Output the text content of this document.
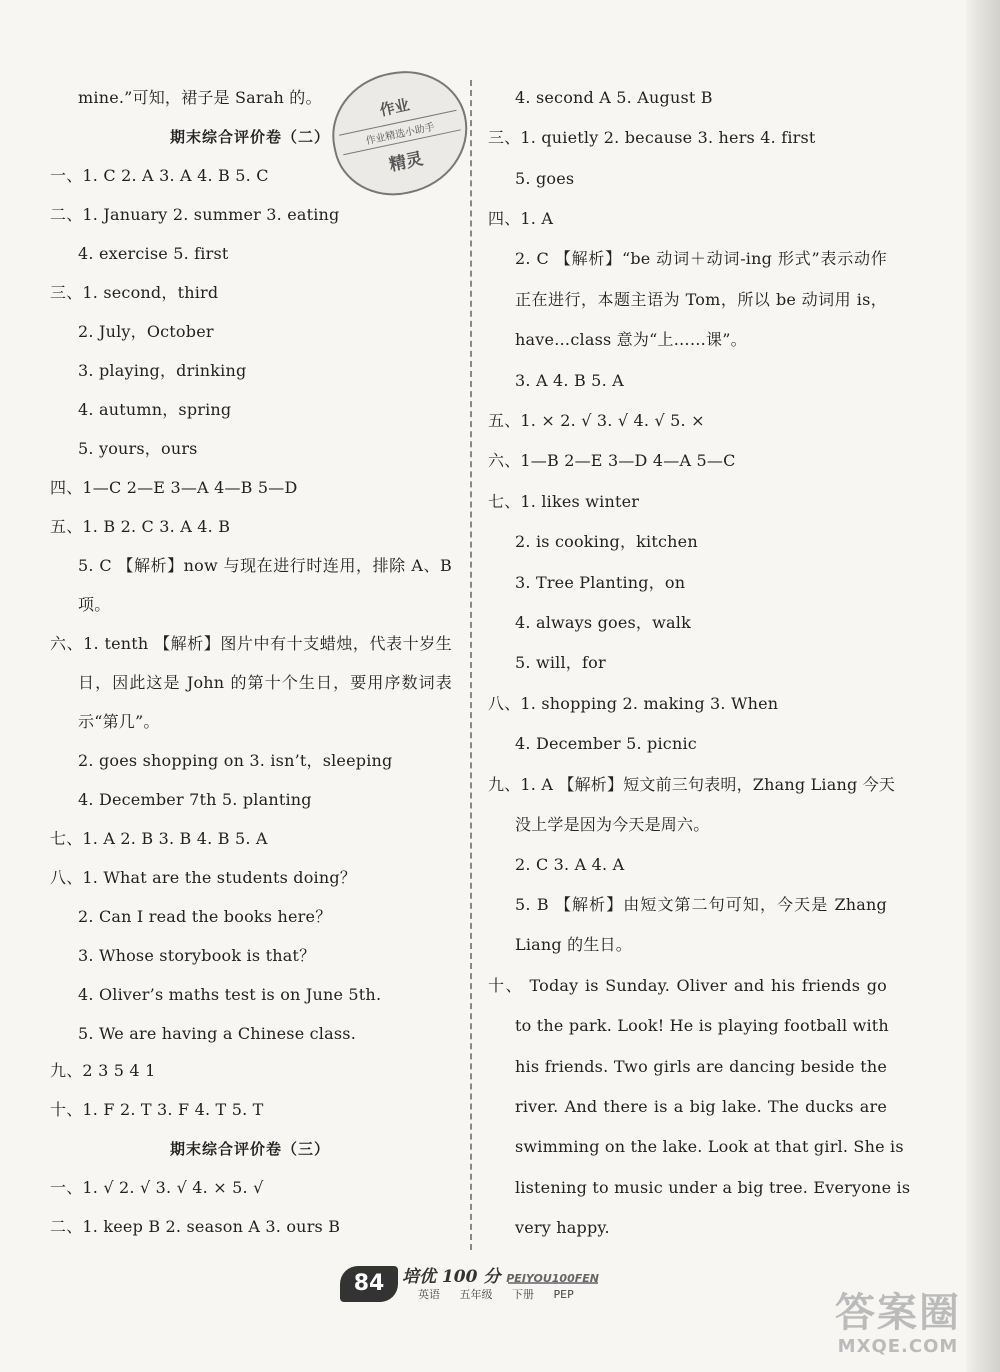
mine.”可知，裙子是 Sarah 的。
期末综合评价卷（二）
一、1. C 2. A 3. A 4. B 5. C
二、1. January 2. summer 3. eating
4. exercise 5. first
三、1. second，third
2. July，October
3. playing，drinking
4. autumn，spring
5. yours，ours
四、1—C 2—E 3—A 4—B 5—D
五、1. B 2. C 3. A 4. B
5. C 【解析】now 与现在进行时连用，排除 A、B
项。
六、1. tenth 【解析】图片中有十支蜡烛，代表十岁生
日，因此这是 John 的第十个生日，要用序数词表
示“第几”。
2. goes shopping on 3. isn’t，sleeping
4. December 7th 5. planting
七、1. A 2. B 3. B 4. B 5. A
八、1. What are the students doing？
2. Can I read the books here？
3. Whose storybook is that？
4. Oliver’s maths test is on June 5th.
5. We are having a Chinese class.
九、2 3 5 4 1
十、1. F 2. T 3. F 4. T 5. T
期末综合评价卷（三）
一、1. √ 2. √ 3. √ 4. × 5. √
二、1. keep B 2. season A 3. ours B
4. second A 5. August B
三、1. quietly 2. because 3. hers 4. first
5. goes
四、1. A
2. C 【解析】“be 动词＋动词-ing 形式”表示动作
正在进行，本题主语为 Tom，所以 be 动词用 is，
have…class 意为“上……课”。
3. A 4. B 5. A
五、1. × 2. √ 3. √ 4. √ 5. ×
六、1—B 2—E 3—D 4—A 5—C
七、1. likes winter
2. is cooking，kitchen
3. Tree Planting，on
4. always goes，walk
5. will，for
八、1. shopping 2. making 3. When
4. December 5. picnic
九、1. A 【解析】短文前三句表明，Zhang Liang 今天
没上学是因为今天是周六。
2. C 3. A 4. A
5. B 【解析】由短文第二句可知，今天是 Zhang
Liang 的生日。
十、 Today is Sunday. Oliver and his friends go
to the park. Look! He is playing football with
his friends. Two girls are dancing beside the
river. And there is a big lake. The ducks are
swimming on the lake. Look at that girl. She is
listening to music under a big tree. Everyone is
very happy.
作业
作业精选小助手
精灵
84	培优 100 分 PEIYOU100FEN
英语 五年级 下册 PEP	答案圈
MXQE.COM
